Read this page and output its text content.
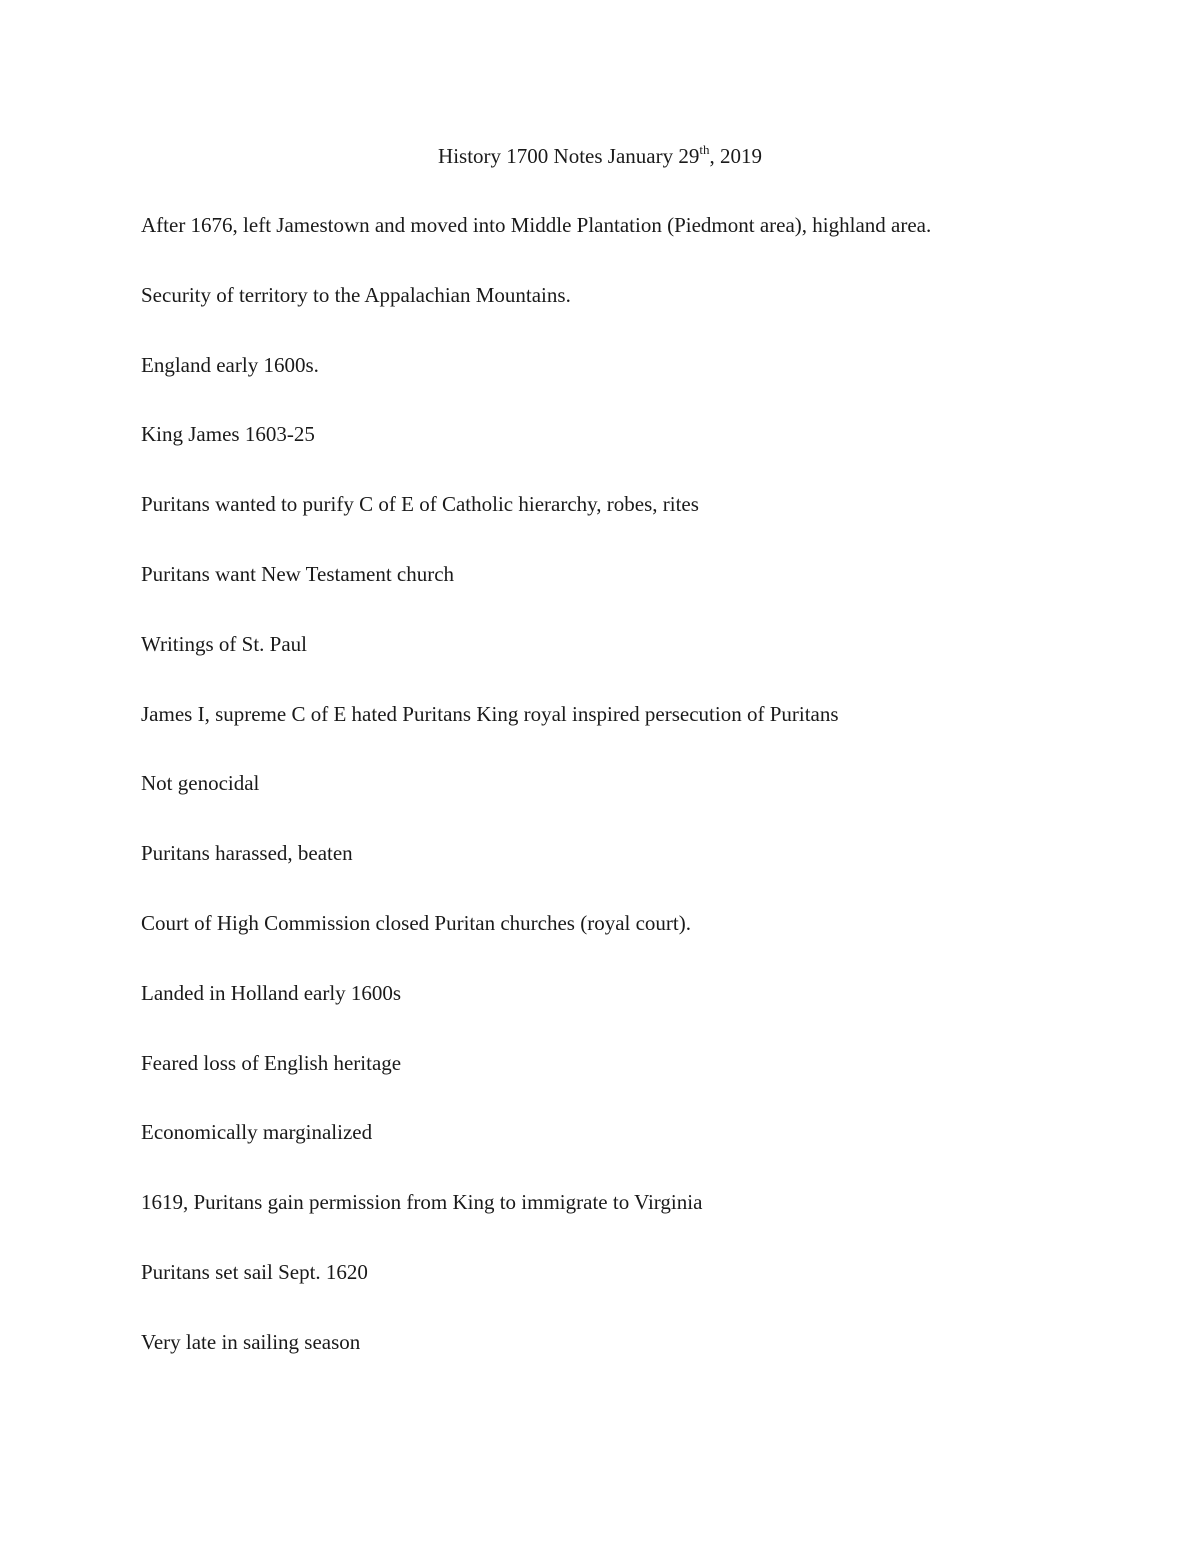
History 1700 Notes January 29th, 2019
After 1676, left Jamestown and moved into Middle Plantation (Piedmont area), highland area.
Security of territory to the Appalachian Mountains.
England early 1600s.
King James 1603-25
Puritans wanted to purify C of E of Catholic hierarchy, robes, rites
Puritans want New Testament church
Writings of St. Paul
James I, supreme C of E hated Puritans King royal inspired persecution of Puritans
Not genocidal
Puritans harassed, beaten
Court of High Commission closed Puritan churches (royal court).
Landed in Holland early 1600s
Feared loss of English heritage
Economically marginalized
1619, Puritans gain permission from King to immigrate to Virginia
Puritans set sail Sept. 1620
Very late in sailing season
